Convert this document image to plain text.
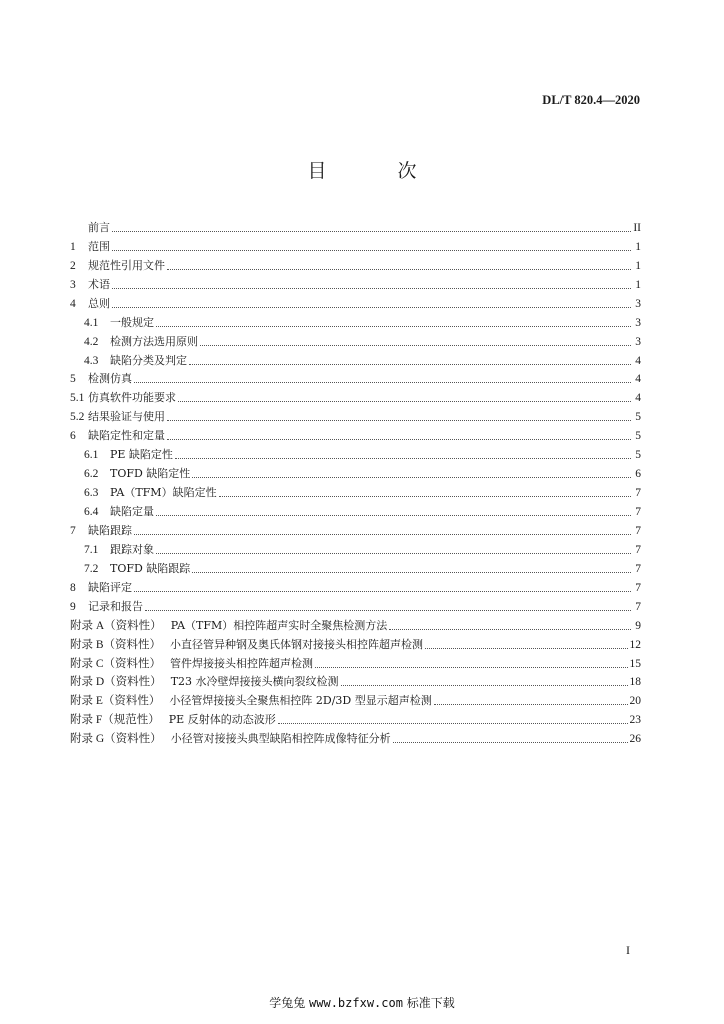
DL/T 820.4—2020
目　次
前言	II
1	范围	1
2	规范性引用文件	1
3	术语	1
4	总则	3
4.1	一般规定	3
4.2	检测方法选用原则	3
4.3	缺陷分类及判定	4
5	检测仿真	4
5.1 仿真软件功能要求	4
5.2 结果验证与使用	5
6	缺陷定性和定量	5
6.1	PE 缺陷定性	5
6.2	TOFD 缺陷定性	6
6.3	PA（TFM）缺陷定性	7
6.4	缺陷定量	7
7	缺陷跟踪	7
7.1	跟踪对象	7
7.2	TOFD 缺陷跟踪	7
8	缺陷评定	7
9	记录和报告	7
附录 A（资料性） PA（TFM）相控阵超声实时全聚焦检测方法	9
附录 B（资料性） 小直径管异种钢及奥氏体钢对接接头相控阵超声检测	12
附录 C（资料性） 管件焊接接头相控阵超声检测	15
附录 D（资料性） T23 水冷壁焊接接头横向裂纹检测	18
附录 E（资料性） 小径管焊接接头全聚焦相控阵 2D/3D 型显示超声检测	20
附录 F（规范性） PE 反射体的动态波形	23
附录 G（资料性） 小径管对接接头典型缺陷相控阵成像特征分析	26
I
学兔兔 www.bzfxw.com 标准下载
